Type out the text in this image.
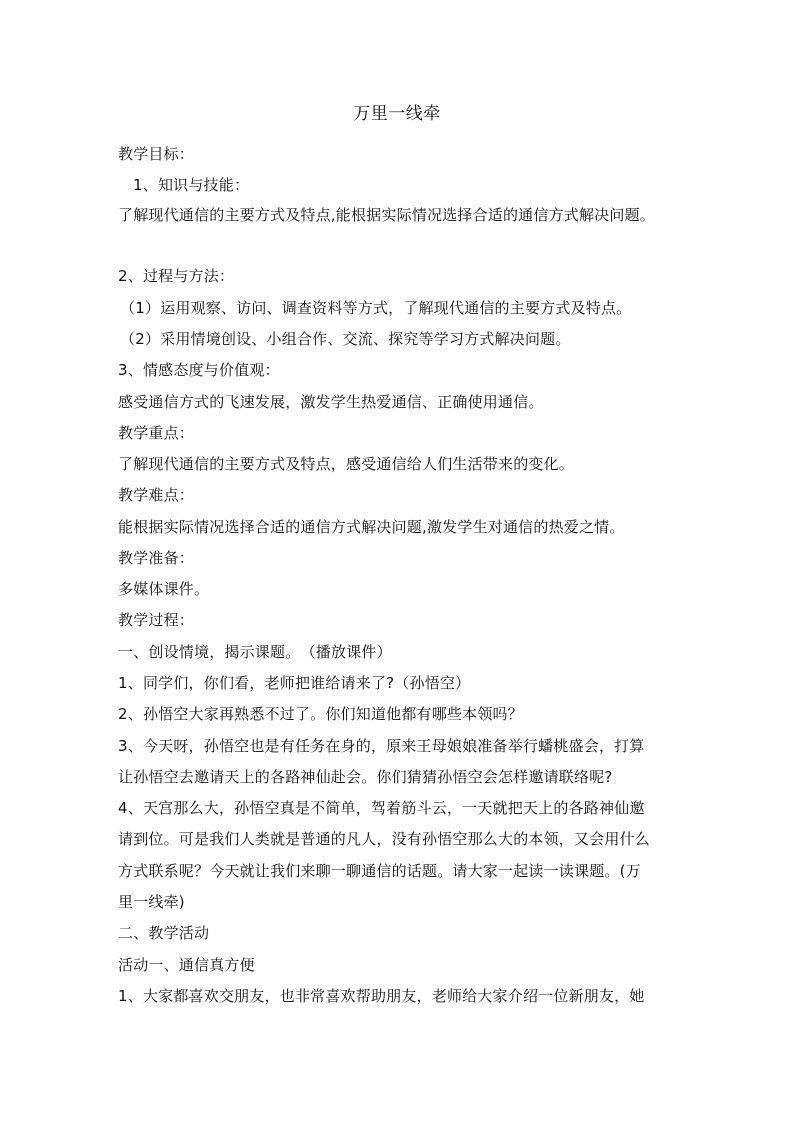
万里一线牵
教学目标：
1、知识与技能：
了解现代通信的主要方式及特点,能根据实际情况选择合适的通信方式解决问题。
2、过程与方法：
（1）运用观察、访问、调查资料等方式，了解现代通信的主要方式及特点。
（2）采用情境创设、小组合作、交流、探究等学习方式解决问题。
3、情感态度与价值观：
感受通信方式的飞速发展，激发学生热爱通信、正确使用通信。
教学重点：
了解现代通信的主要方式及特点，感受通信给人们生活带来的变化。
教学难点：
能根据实际情况选择合适的通信方式解决问题,激发学生对通信的热爱之情。
教学准备：
多媒体课件。
教学过程：
一、创设情境，揭示课题。　（播放课件）
1、同学们，你们看，老师把谁给请来了?（孙悟空）
2、孙悟空大家再熟悉不过了。你们知道他都有哪些本领吗？
3、今天呀，孙悟空也是有任务在身的，原来王母娘娘准备举行蟠桃盛会，打算
让孙悟空去邀请天上的各路神仙赴会。你们猜猜孙悟空会怎样邀请联络呢?
4、天宫那么大，孙悟空真是不简单，驾着筋斗云，一天就把天上的各路神仙邀
请到位。可是我们人类就是普通的凡人，没有孙悟空那么大的本领，又会用什么
方式联系呢？今天就让我们来聊一聊通信的话题。请大家一起读一读课题。(万
里一线牵)
二、教学活动
活动一、通信真方便
1、大家都喜欢交朋友，也非常喜欢帮助朋友，老师给大家介绍一位新朋友，她
